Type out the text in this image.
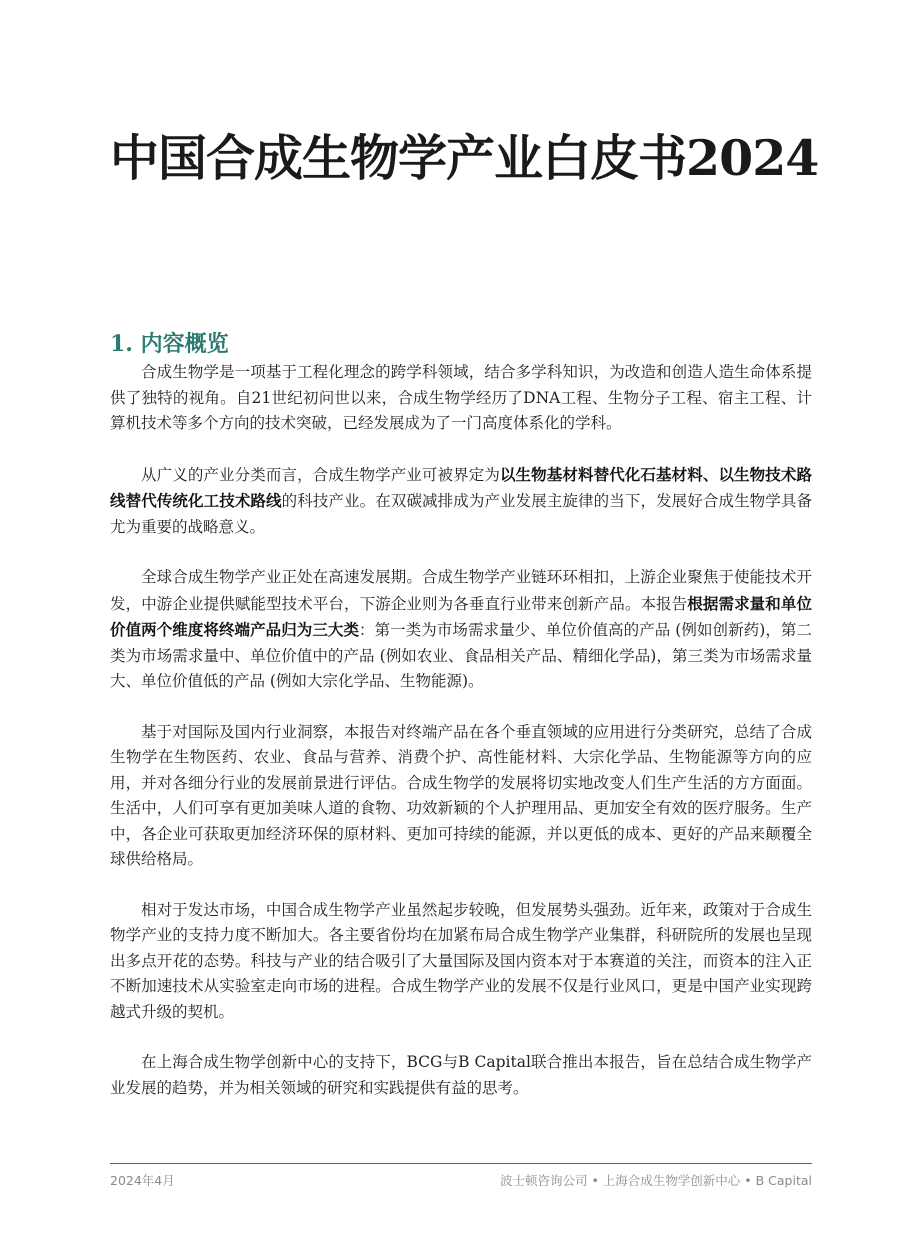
中国合成生物学产业白皮书2024
1. 内容概览

合成生物学是一项基于工程化理念的跨学科领域，结合多学科知识，为改造和创造人造生命体系提供了独特的视角。自21世纪初问世以来，合成生物学经历了DNA工程、生物分子工程、宿主工程、计算机技术等多个方向的技术突破，已经发展成为了一门高度体系化的学科。

从广义的产业分类而言，合成生物学产业可被界定为以生物基材料替代化石基材料、以生物技术路线替代传统化工技术路线的科技产业。在双碳减排成为产业发展主旋律的当下，发展好合成生物学具备尤为重要的战略意义。

全球合成生物学产业正处在高速发展期。合成生物学产业链环环相扣，上游企业聚焦于使能技术开发，中游企业提供赋能型技术平台，下游企业则为各垂直行业带来创新产品。本报告根据需求量和单位价值两个维度将终端产品归为三大类：第一类为市场需求量少、单位价值高的产品 (例如创新药)，第二类为市场需求量中、单位价值中的产品 (例如农业、食品相关产品、精细化学品)，第三类为市场需求量大、单位价值低的产品 (例如大宗化学品、生物能源)。

基于对国际及国内行业洞察，本报告对终端产品在各个垂直领域的应用进行分类研究，总结了合成生物学在生物医药、农业、食品与营养、消费个护、高性能材料、大宗化学品、生物能源等方向的应用，并对各细分行业的发展前景进行评估。合成生物学的发展将切实地改变人们生产生活的方方面面。生活中，人们可享有更加美味人道的食物、功效新颖的个人护理用品、更加安全有效的医疗服务。生产中，各企业可获取更加经济环保的原材料、更加可持续的能源，并以更低的成本、更好的产品来颠覆全球供给格局。

相对于发达市场，中国合成生物学产业虽然起步较晚，但发展势头强劲。近年来，政策对于合成生物学产业的支持力度不断加大。各主要省份均在加紧布局合成生物学产业集群，科研院所的发展也呈现出多点开花的态势。科技与产业的结合吸引了大量国际及国内资本对于本赛道的关注，而资本的注入正不断加速技术从实验室走向市场的进程。合成生物学产业的发展不仅是行业风口，更是中国产业实现跨越式升级的契机。

在上海合成生物学创新中心的支持下，BCG与B Capital联合推出本报告，旨在总结合成生物学产业发展的趋势，并为相关领域的研究和实践提供有益的思考。

2024年4月	波士顿咨询公司 • 上海合成生物学创新中心 • B Capital
